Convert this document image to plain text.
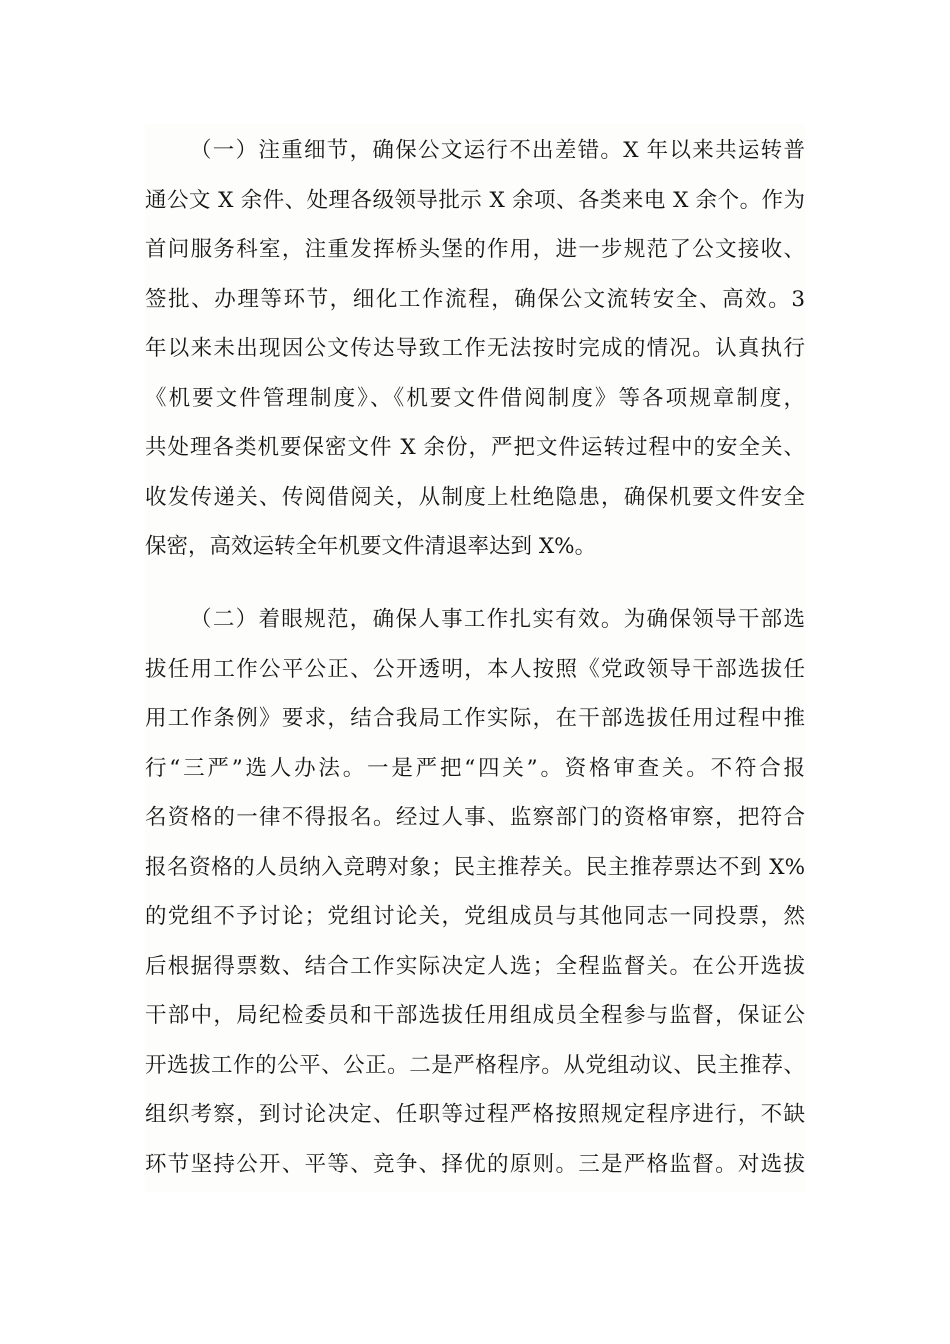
（一）注重细节，确保公文运行不出差错。X 年以来共运转普
通公文 X 余件、处理各级领导批示 X 余项、各类来电 X 余个。作为
首问服务科室，注重发挥桥头堡的作用，进一步规范了公文接收、
签批、办理等环节，细化工作流程，确保公文流转安全、高效。3
年以来未出现因公文传达导致工作无法按时完成的情况。认真执行
《机要文件管理制度》、《机要文件借阅制度》等各项规章制度，
共处理各类机要保密文件 X 余份，严把文件运转过程中的安全关、
收发传递关、传阅借阅关，从制度上杜绝隐患，确保机要文件安全
保密，高效运转全年机要文件清退率达到 X%。
（二）着眼规范，确保人事工作扎实有效。为确保领导干部选
拔任用工作公平公正、公开透明，本人按照《党政领导干部选拔任
用工作条例》要求，结合我局工作实际，在干部选拔任用过程中推
行“三严”选人办法。一是严把“四关”。资格审查关。不符合报
名资格的一律不得报名。经过人事、监察部门的资格审察，把符合
报名资格的人员纳入竞聘对象；民主推荐关。民主推荐票达不到 X%
的党组不予讨论；党组讨论关，党组成员与其他同志一同投票，然
后根据得票数、结合工作实际决定人选；全程监督关。在公开选拔
干部中，局纪检委员和干部选拔任用组成员全程参与监督，保证公
开选拔工作的公平、公正。二是严格程序。从党组动议、民主推荐、
组织考察，到讨论决定、任职等过程严格按照规定程序进行，不缺
环节坚持公开、平等、竞争、择优的原则。三是严格监督。对选拔
